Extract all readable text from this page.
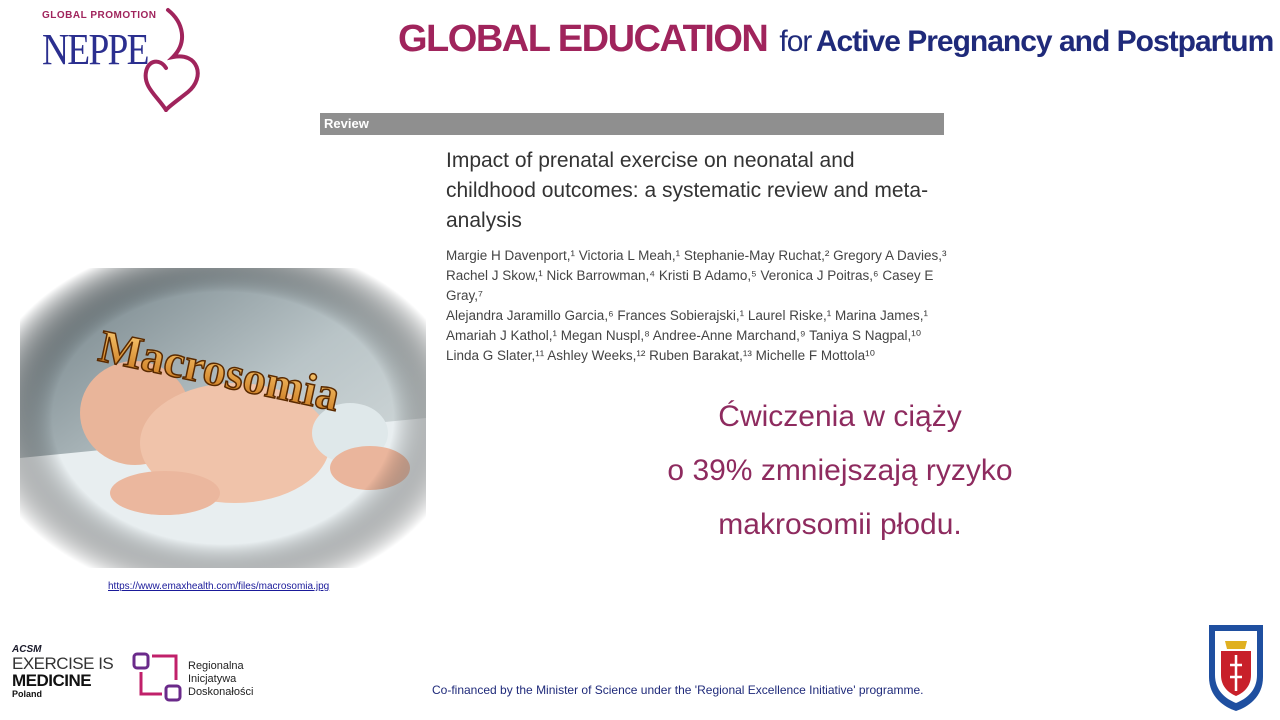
GLOBAL PROMOTION
NEPPE	GLOBAL EDUCATION for Active Pregnancy and Postpartum
Review
Impact of prenatal exercise on neonatal and childhood outcomes: a systematic review and meta-analysis
Margie H Davenport,¹ Victoria L Meah,¹ Stephanie-May Ruchat,² Gregory A Davies,³
Rachel J Skow,¹ Nick Barrowman,⁴ Kristi B Adamo,⁵ Veronica J Poitras,⁶ Casey E Gray,⁷
Alejandra Jaramillo Garcia,⁶ Frances Sobierajski,¹ Laurel Riske,¹ Marina James,¹
Amariah J Kathol,¹ Megan Nuspl,⁸ Andree-Anne Marchand,⁹ Taniya S Nagpal,¹⁰
Linda G Slater,¹¹ Ashley Weeks,¹² Ruben Barakat,¹³ Michelle F Mottola¹⁰
https://www.emaxhealth.com/files/macrosomia.jpg
Ćwiczenia w ciąży
o 39% zmniejszają ryzyko
makrosomii płodu.
ACSM
EXERCISE IS
MEDICINE
Poland
Regionalna
Inicjatywa
Doskonałości	Co-financed by the Minister of Science under the 'Regional Excellence Initiative' programme.
